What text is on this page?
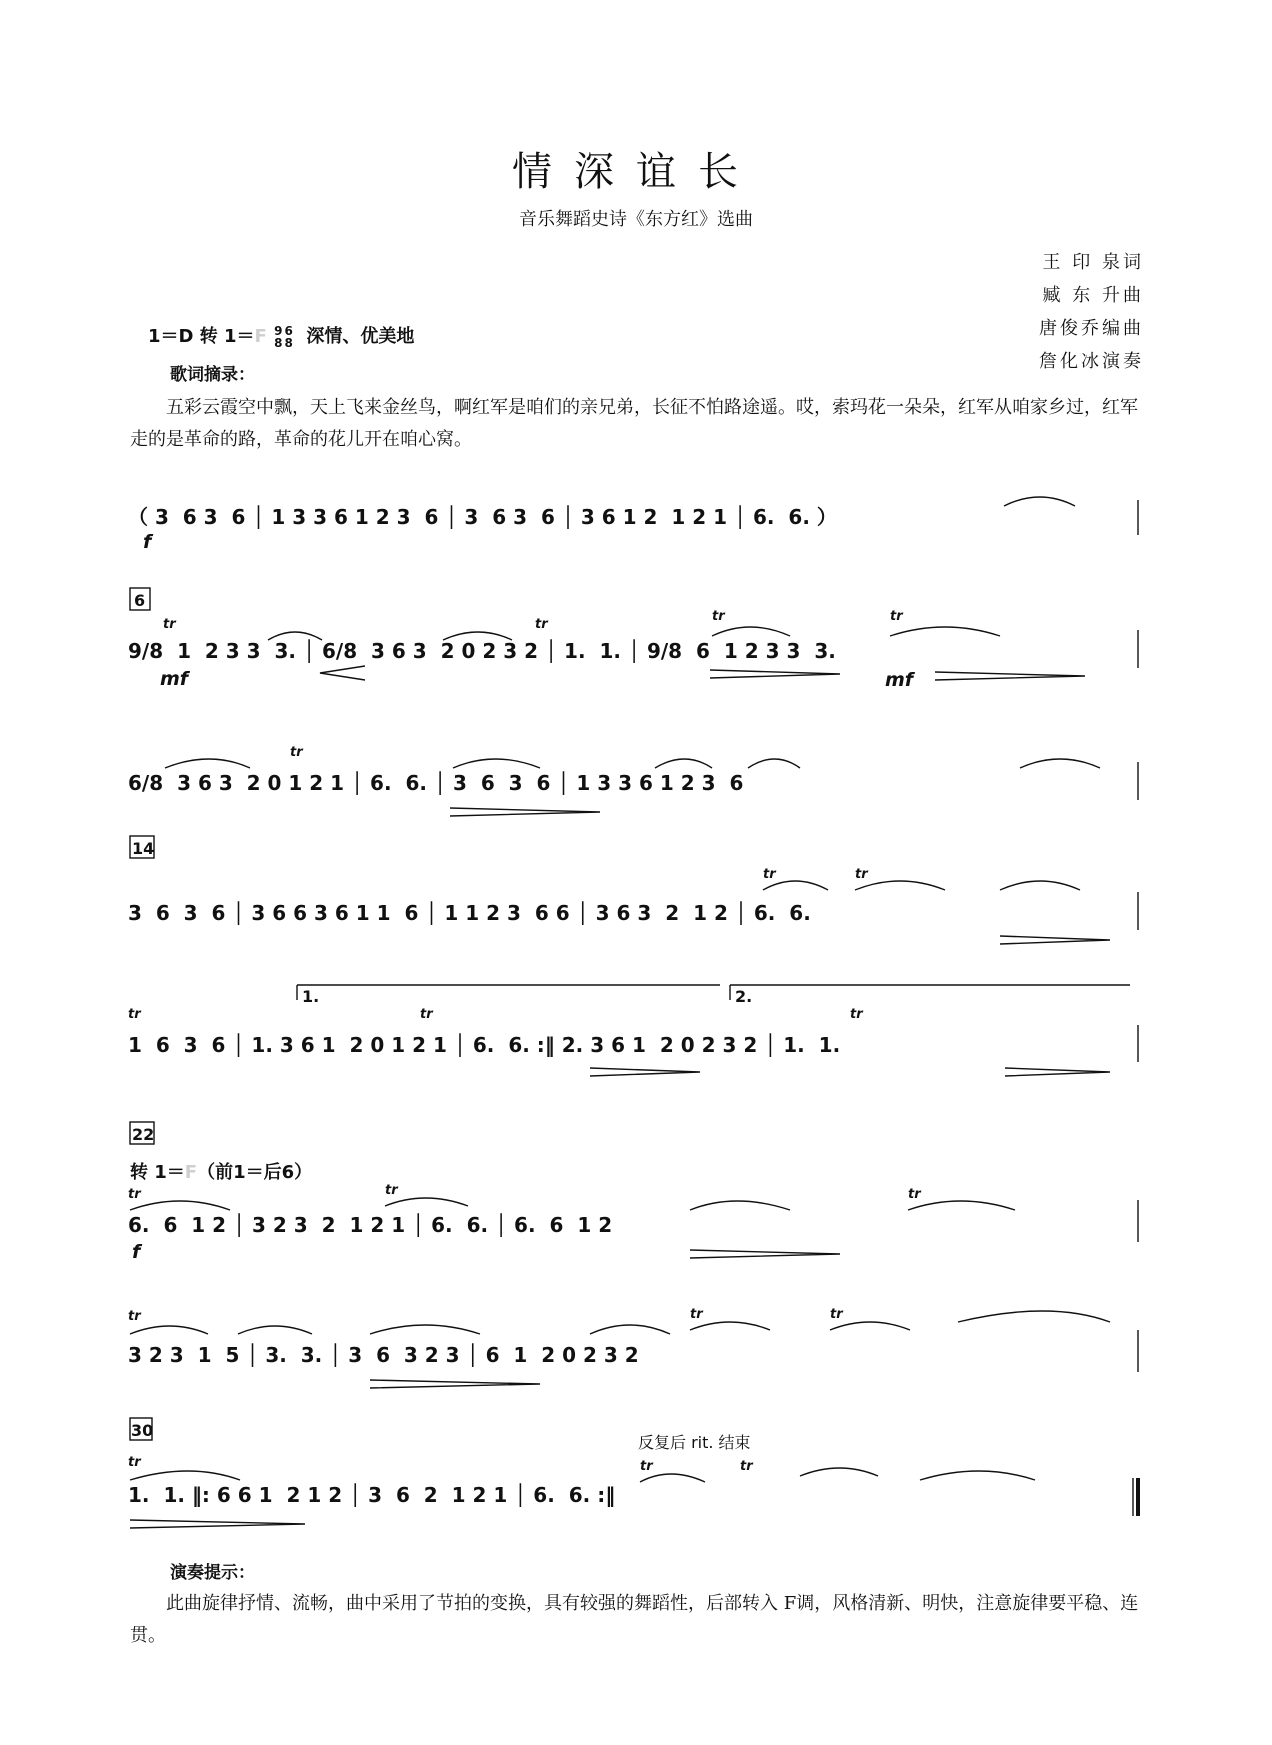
情深谊长
音乐舞蹈史诗《东方红》选曲
王 印 泉词
臧 东 升曲
唐俊乔编曲
詹化冰演奏
1＝D 转 1＝F 9
86
8 深情、优美地
歌词摘录：
五彩云霞空中飘，天上飞来金丝鸟，啊红军是咱们的亲兄弟，长征不怕路途遥。哎，索玛花一朵朵，红军从咱家乡过，红军走的是革命的路，革命的花儿开在咱心窝。
（ 3  6 3  6 │ 1 3 3 6 1 2 3  6 │ 3  6 3  6 │ 3 6 1 2  1 2 1 │ 6.  6. ）
f
6
9/8  1  2 3 3  3. │ 6/8  3 6 3  2 0 2 3 2 │ 1.  1. │ 9/8  6  1 2 3 3  3.
mf	mf
tr	tr
tr	tr
6/8  3 6 3  2 0 1 2 1 │ 6.  6. │ 3  6  3  6 │ 1 3 3 6 1 2 3  6
tr
14
3  6  3  6 │ 3 6 6 3 6 1 1  6 │ 1 1 2 3  6 6 │ 3 6 3  2  1 2 │ 6.  6.
tr	tr
1  6  3  6 │ 1. 3 6 1  2 0 1 2 1 │ 6.  6. :‖ 2. 3 6 1  2 0 2 3 2 │ 1.  1.
tr	tr	tr
1.	2.
22
转 1＝F（前1＝后6）
6.  6  1 2 │ 3 2 3  2  1 2 1 │ 6.  6. │ 6.  6  1 2
tr	tr	tr
f
3 2 3  1  5 │ 3.  3. │ 3  6  3 2 3 │ 6  1  2 0 2 3 2
tr	tr	tr
30
反复后 rit. 结束
1.  1. ‖: 6 6 1  2 1 2 │ 3  6  2  1 2 1 │ 6.  6. :‖
tr	tr	tr
演奏提示：
此曲旋律抒情、流畅，曲中采用了节拍的变换，具有较强的舞蹈性，后部转入 F调，风格清新、明快，注意旋律要平稳、连贯。
